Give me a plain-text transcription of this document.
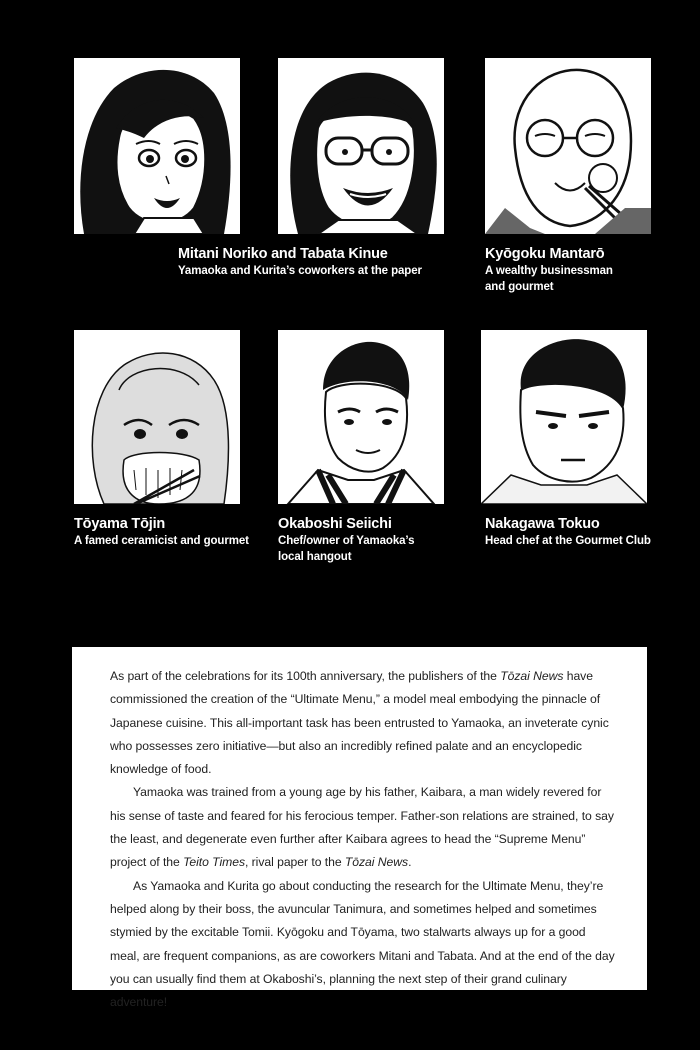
Mitani Noriko and Tabata Kinue
Yamaoka and Kurita’s coworkers at the paper
Kyōgoku Mantarō
A wealthy businessman
and gourmet
Tōyama Tōjin
A famed ceramicist and gourmet
Okaboshi Seiichi
Chef/owner of Yamaoka’s
local hangout
Nakagawa Tokuo
Head chef at the Gourmet Club

As part of the celebrations for its 100th anniversary, the publishers of the Tōzai News have commissioned the creation of the “Ultimate Menu,” a model meal embodying the pinnacle of Japanese cuisine. This all-important task has been entrusted to Yamaoka, an inveterate cynic who possesses zero initiative—but also an incredibly refined palate and an encyclopedic knowledge of food.

Yamaoka was trained from a young age by his father, Kaibara, a man widely revered for his sense of taste and feared for his ferocious temper. Father-son relations are strained, to say the least, and degenerate even further after Kaibara agrees to head the “Supreme Menu” project of the Teito Times, rival paper to the Tōzai News.

As Yamaoka and Kurita go about conducting the research for the Ultimate Menu, they’re helped along by their boss, the avuncular Tanimura, and sometimes helped and sometimes stymied by the excitable Tomii. Kyōgoku and Tōyama, two stalwarts always up for a good meal, are frequent companions, as are coworkers Mitani and Tabata. And at the end of the day you can usually find them at Okaboshi’s, planning the next step of their grand culinary adventure!
